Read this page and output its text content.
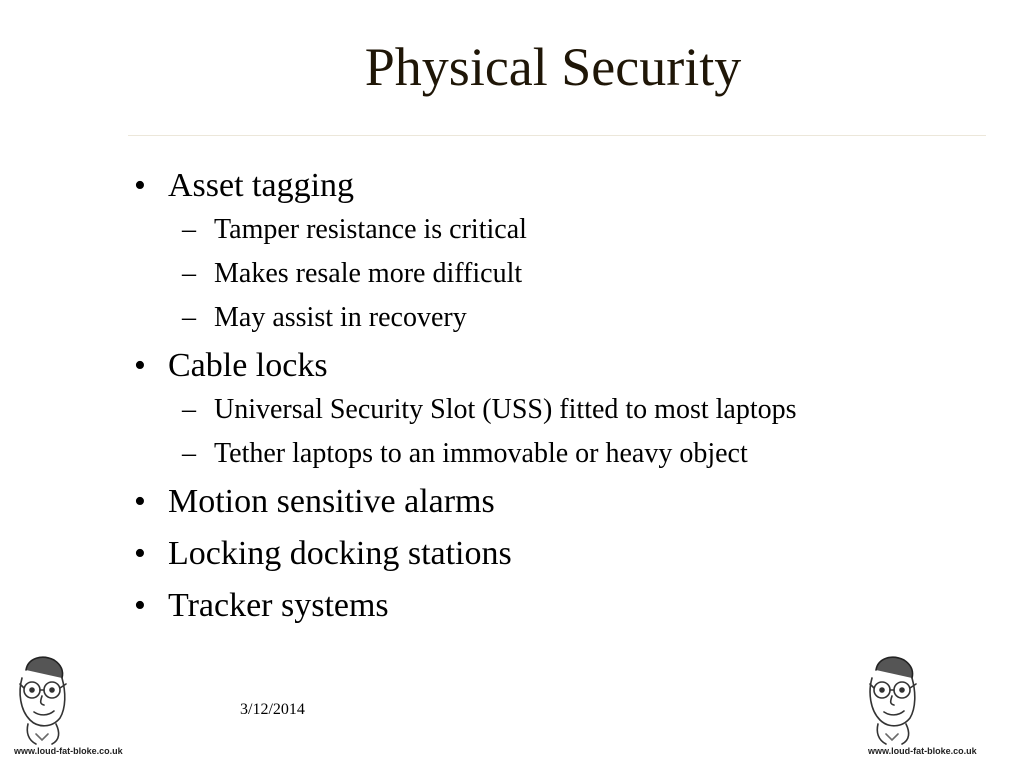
Physical Security
• Asset tagging
– Tamper resistance is critical
– Makes resale more difficult
– May assist in recovery
• Cable locks
– Universal Security Slot (USS) fitted to most laptops
– Tether laptops to an immovable or heavy object
• Motion sensitive alarms
• Locking docking stations
• Tracker systems
3/12/2014
www.loud-fat-bloke.co.uk	www.loud-fat-bloke.co.uk
